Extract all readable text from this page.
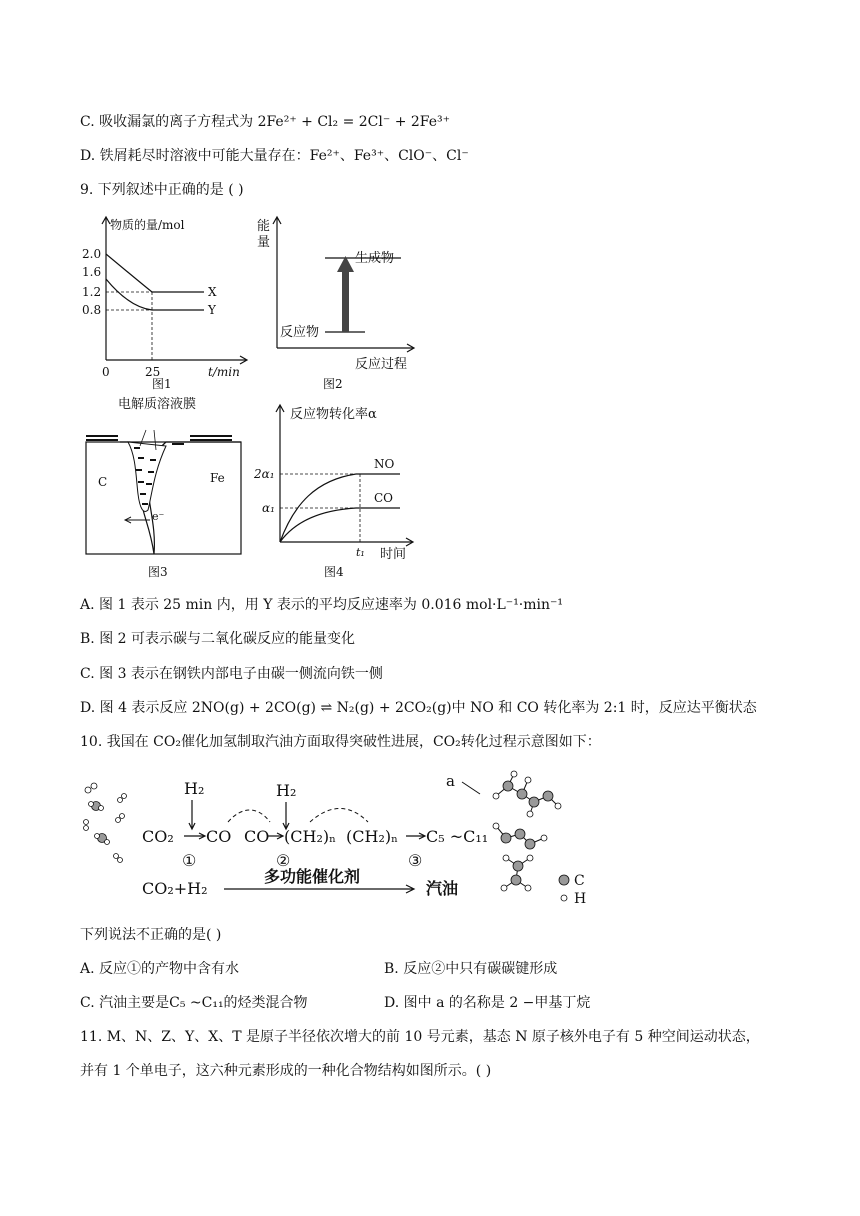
C. 吸收漏氯的离子方程式为 2Fe²⁺ + Cl₂ = 2Cl⁻ + 2Fe³⁺
D. 铁屑耗尽时溶液中可能大量存在：Fe²⁺、Fe³⁺、ClO⁻、Cl⁻
9. 下列叙述中正确的是 ( )
物质的量/mol
2.0
1.6
1.2
0.8
0	25	t/min
X
Y
图1
能
量
生成物
反应物
反应过程
图2
电解质溶液膜
C	Fe
e⁻
图3
反应物转化率α
2α₁
α₁
NO
CO
t₁ 时间
图4
A. 图 1 表示 25 min 内，用 Y 表示的平均反应速率为 0.016 mol·L⁻¹·min⁻¹
B. 图 2 可表示碳与二氧化碳反应的能量变化
C. 图 3 表示在钢铁内部电子由碳一侧流向铁一侧
D. 图 4 表示反应 2NO(g) + 2CO(g) ⇌ N₂(g) + 2CO₂(g)中 NO 和 CO 转化率为 2:1 时，反应达平衡状态
10. 我国在 CO₂催化加氢制取汽油方面取得突破性进展，CO₂转化过程示意图如下：
H₂	H₂
CO₂ CO CO (CH₂)ₙ (CH₂)ₙ C₅ ~C₁₁
①	②	③
CO₂+H₂
多功能催化剂
汽油
a
C
H
下列说法不正确的是( )
A. 反应①的产物中含有水	B. 反应②中只有碳碳键形成
C. 汽油主要是C₅ ~C₁₁的烃类混合物	D. 图中 a 的名称是 2 −甲基丁烷
11. M、N、Z、Y、X、T 是原子半径依次增大的前 10 号元素，基态 N 原子核外电子有 5 种空间运动状态，
并有 1 个单电子，这六种元素形成的一种化合物结构如图所示。( )
